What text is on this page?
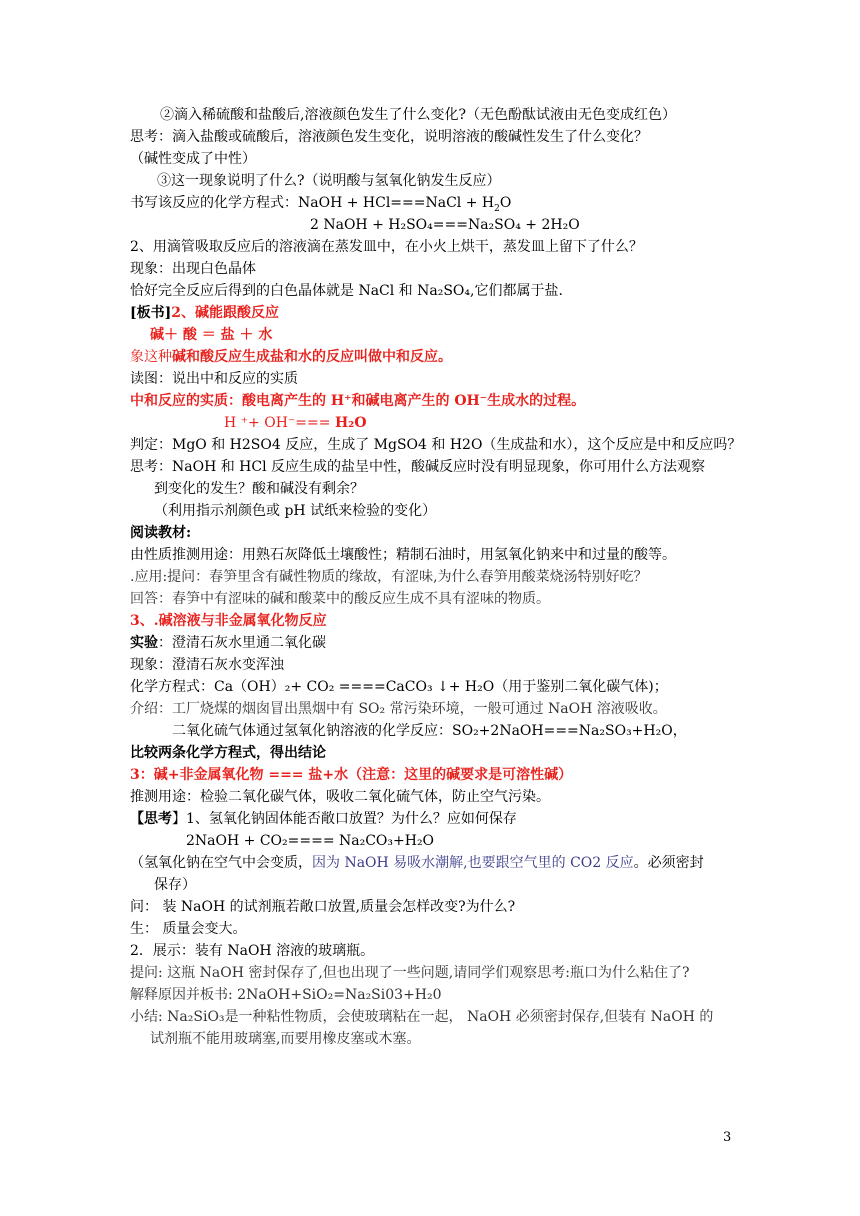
②滴入稀硫酸和盐酸后,溶液颜色发生了什么变化?（无色酚酞试液由无色变成红色）
思考：滴入盐酸或硫酸后，溶液颜色发生变化，说明溶液的酸碱性发生了什么变化？
（碱性变成了中性）
③这一现象说明了什么?（说明酸与氢氧化钠发生反应）
书写该反应的化学方程式：NaOH + HCl===NaCl + $H_2O$
2 NaOH + H₂SO₄===Na₂SO₄ + 2H₂O
2、用滴管吸取反应后的溶液滴在蒸发皿中，在小火上烘干，蒸发皿上留下了什么？
现象：出现白色晶体
恰好完全反应后得到的白色晶体就是 NaCl 和 Na₂SO₄,它们都属于盐.
[板书]2、碱能跟酸反应
碱＋ 酸 ＝ 盐 ＋ 水
象这种碱和酸反应生成盐和水的反应叫做中和反应。
读图：说出中和反应的实质
中和反应的实质：酸电离产生的 H⁺和碱电离产生的 OH⁻生成水的过程。
H ⁺+ OH⁻=== H₂O
判定：MgO 和 H2SO4 反应，生成了 MgSO4 和 H2O（生成盐和水），这个反应是中和反应吗？
思考：NaOH 和 HCl 反应生成的盐呈中性，酸碱反应时没有明显现象，你可用什么方法观察
到变化的发生？酸和碱没有剩余？
（利用指示剂颜色或 pH 试纸来检验的变化）
阅读教材:
由性质推测用途：用熟石灰降低土壤酸性；精制石油时，用氢氧化钠来中和过量的酸等。
.应用:提问：春笋里含有碱性物质的缘故，有涩味,为什么春笋用酸菜烧汤特别好吃？
回答：春笋中有涩味的碱和酸菜中的酸反应生成不具有涩味的物质。
3、.碱溶液与非金属氧化物反应
实验：澄清石灰水里通二氧化碳
现象：澄清石灰水变浑浊
化学方程式：Ca（OH）₂+ CO₂ ====CaCO₃ ↓+ H₂O（用于鉴别二氧化碳气体)；
介绍：工厂烧煤的烟囱冒出黑烟中有 SO₂ 常污染环境，一般可通过 NaOH 溶液吸收。
二氧化硫气体通过氢氧化钠溶液的化学反应：SO₂+2NaOH===Na₂SO₃+H₂O，
比较两条化学方程式，得出结论
3：碱+非金属氧化物 === 盐+水（注意：这里的碱要求是可溶性碱）
推测用途：检验二氧化碳气体，吸收二氧化硫气体，防止空气污染。
【思考】1、氢氧化钠固体能否敞口放置？为什么？应如何保存
2NaOH + CO₂==== Na₂CO₃+H₂O
（氢氧化钠在空气中会变质，因为 NaOH 易吸水潮解,也要跟空气里的 CO2 反应。必须密封
保存）
问： 装 NaOH 的试剂瓶若敞口放置,质量会怎样改变?为什么?
生： 质量会变大。
2．展示：装有 NaOH 溶液的玻璃瓶。
提问: 这瓶 NaOH 密封保存了,但也出现了一些问题,请同学们观察思考:瓶口为什么粘住了?
解释原因并板书: 2NaOH+SiO₂=Na₂Si03+H₂0
小结: Na₂SiO₃是一种粘性物质，会使玻璃粘在一起， NaOH 必须密封保存,但装有 NaOH 的
试剂瓶不能用玻璃塞,而要用橡皮塞或木塞。
3
